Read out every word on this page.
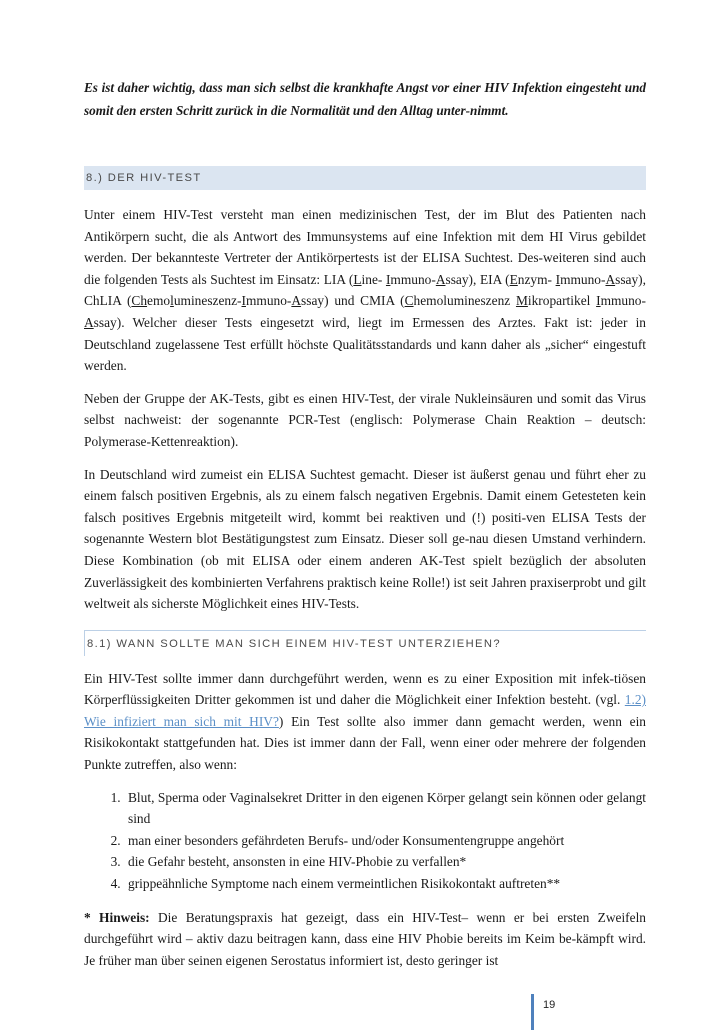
Es ist daher wichtig, dass man sich selbst die krankhafte Angst vor einer HIV Infektion eingesteht und somit den ersten Schritt zurück in die Normalität und den Alltag unter-nimmt.

8.) DER HIV-TEST

Unter einem HIV-Test versteht man einen medizinischen Test, der im Blut des Patienten nach Antikörpern sucht, die als Antwort des Immunsystems auf eine Infektion mit dem HI Virus gebildet werden. Der bekannteste Vertreter der Antikörpertests ist der ELISA Suchtest. Des-weiteren sind auch die folgenden Tests als Suchtest im Einsatz: LIA (Line- Immuno-Assay), EIA (Enzym- Immuno-Assay), ChLIA (Chemolumineszenz-Immuno-Assay) und CMIA (Chemolumineszenz Mikropartikel Immuno-Assay). Welcher dieser Tests eingesetzt wird, liegt im Ermessen des Arztes. Fakt ist: jeder in Deutschland zugelassene Test erfüllt höchste Qualitätsstandards und kann daher als „sicher“ eingestuft werden.

Neben der Gruppe der AK-Tests, gibt es einen HIV-Test, der virale Nukleinsäuren und somit das Virus selbst nachweist: der sogenannte PCR-Test (englisch: Polymerase Chain Reaktion – deutsch: Polymerase-Kettenreaktion).

In Deutschland wird zumeist ein ELISA Suchtest gemacht. Dieser ist äußerst genau und führt eher zu einem falsch positiven Ergebnis, als zu einem falsch negativen Ergebnis. Damit einem Getesteten kein falsch positives Ergebnis mitgeteilt wird, kommt bei reaktiven und (!) positi-ven ELISA Tests der sogenannte Western blot Bestätigungstest zum Einsatz. Dieser soll ge-nau diesen Umstand verhindern. Diese Kombination (ob mit ELISA oder einem anderen AK-Test spielt bezüglich der absoluten Zuverlässigkeit des kombinierten Verfahrens praktisch keine Rolle!) ist seit Jahren praxiserprobt und gilt weltweit als sicherste Möglichkeit eines HIV-Tests.

8.1) WANN SOLLTE MAN SICH EINEM HIV-TEST UNTERZIEHEN?

Ein HIV-Test sollte immer dann durchgeführt werden, wenn es zu einer Exposition mit infek-tiösen Körperflüssigkeiten Dritter gekommen ist und daher die Möglichkeit einer Infektion besteht. (vgl. 1.2) Wie infiziert man sich mit HIV?) Ein Test sollte also immer dann gemacht werden, wenn ein Risikokontakt stattgefunden hat. Dies ist immer dann der Fall, wenn einer oder mehrere der folgenden Punkte zutreffen, also wenn:

1. Blut, Sperma oder Vaginalsekret Dritter in den eigenen Körper gelangt sein können oder gelangt sind
2. man einer besonders gefährdeten Berufs- und/oder Konsumentengruppe angehört
3. die Gefahr besteht, ansonsten in eine HIV-Phobie zu verfallen*
4. grippeähnliche Symptome nach einem vermeintlichen Risikokontakt auftreten**

* Hinweis: Die Beratungspraxis hat gezeigt, dass ein HIV-Test– wenn er bei ersten Zweifeln durchgeführt wird – aktiv dazu beitragen kann, dass eine HIV Phobie bereits im Keim be-kämpft wird. Je früher man über seinen eigenen Serostatus informiert ist, desto geringer ist

19
